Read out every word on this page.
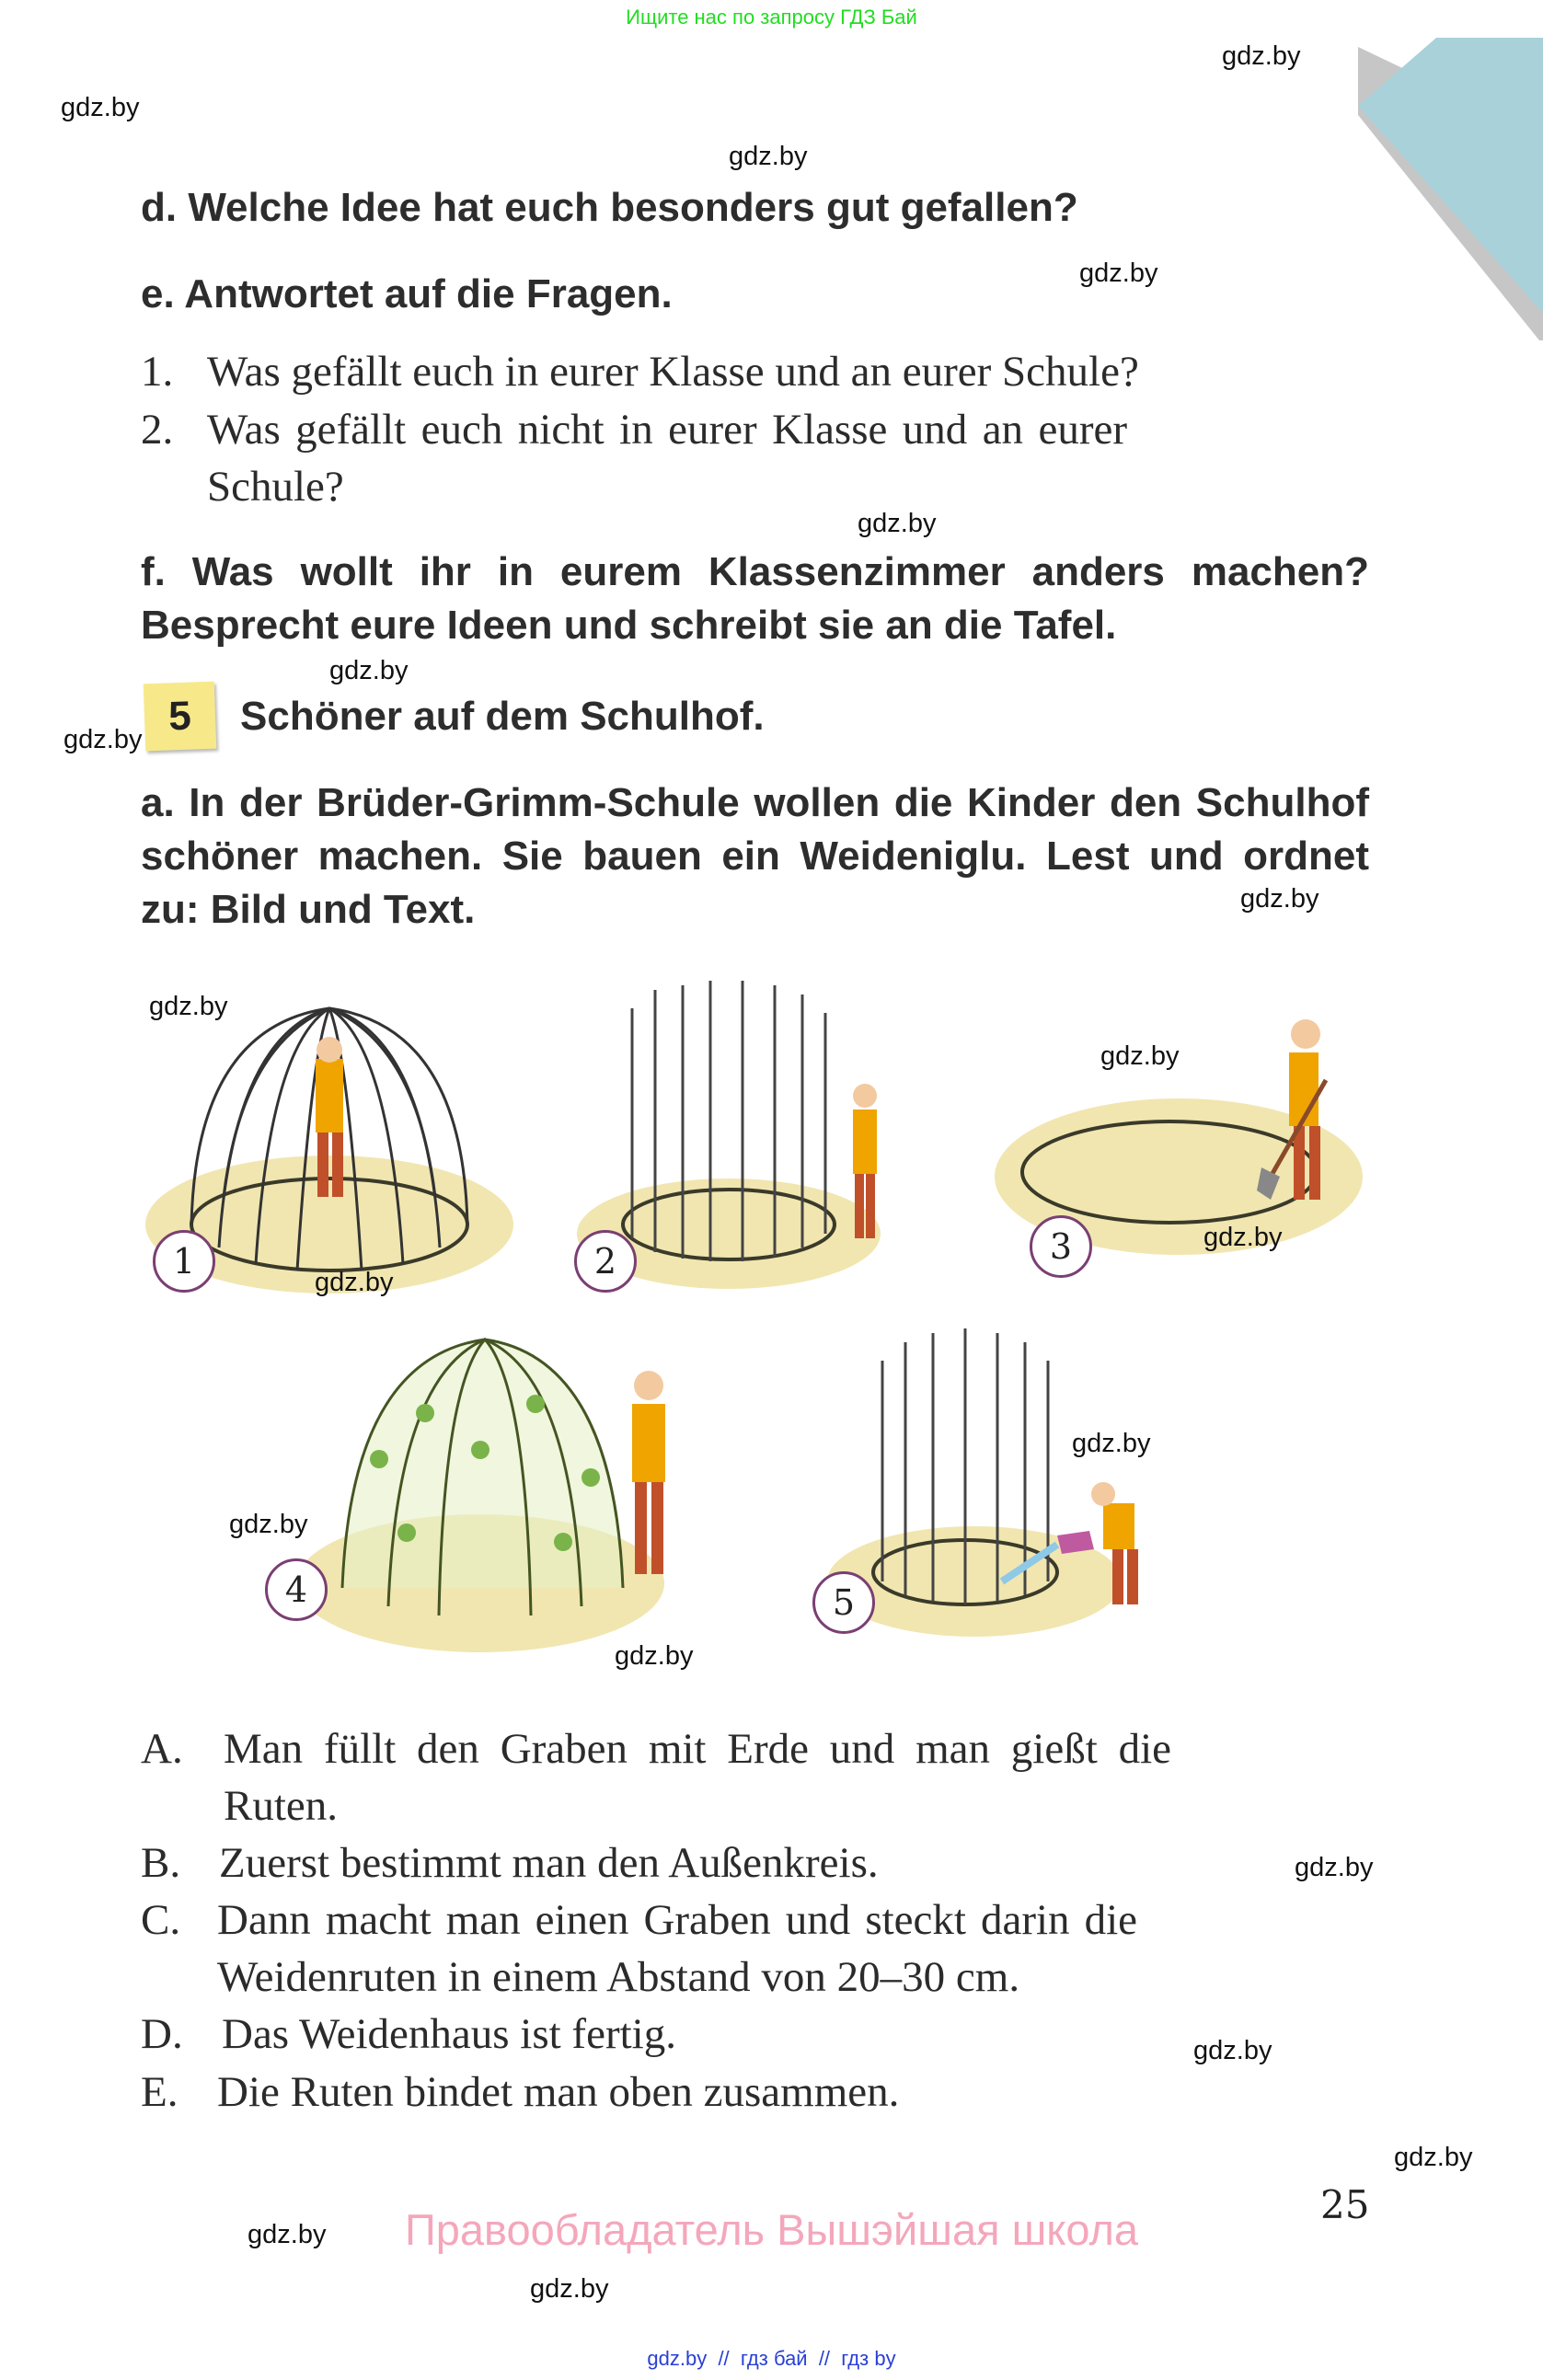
Ищите нас по запросу ГДЗ Бай
gdz.by
gdz.by
gdz.by
gdz.by
gdz.by
gdz.by
gdz.by
gdz.by
gdz.by
gdz.by
gdz.by
gdz.by
gdz.by
gdz.by
gdz.by
gdz.by
gdz.by
gdz.by
gdz.by
gdz.by
d. Welche Idee hat euch besonders gut gefallen?
e. Antwortet auf die Fragen.
1. Was gefällt euch in eurer Klasse und an eurer Schule?
2. Was gefällt euch nicht in eurer Klasse und an eurer Schule?
f. Was wollt ihr in eurem Klassenzimmer anders machen? Besprecht eure Ideen und schreibt sie an die Tafel.
5	Schöner auf dem Schulhof.
a. In der Brüder-Grimm-Schule wollen die Kinder den Schulhof schöner machen. Sie bauen ein Weideniglu. Lest und ordnet zu: Bild und Text.
1	2	3
4	5
A. Man füllt den Graben mit Erde und man gießt die Ruten.
B. Zuerst bestimmt man den Außenkreis.
C. Dann macht man einen Graben und steckt darin die Weidenruten in einem Abstand von 20–30 cm.
D. Das Weidenhaus ist fertig.
E. Die Ruten bindet man oben zusammen.
25
Правообладатель Вышэйшая школа
gdz.by  //  гдз бай  //  гдз by
